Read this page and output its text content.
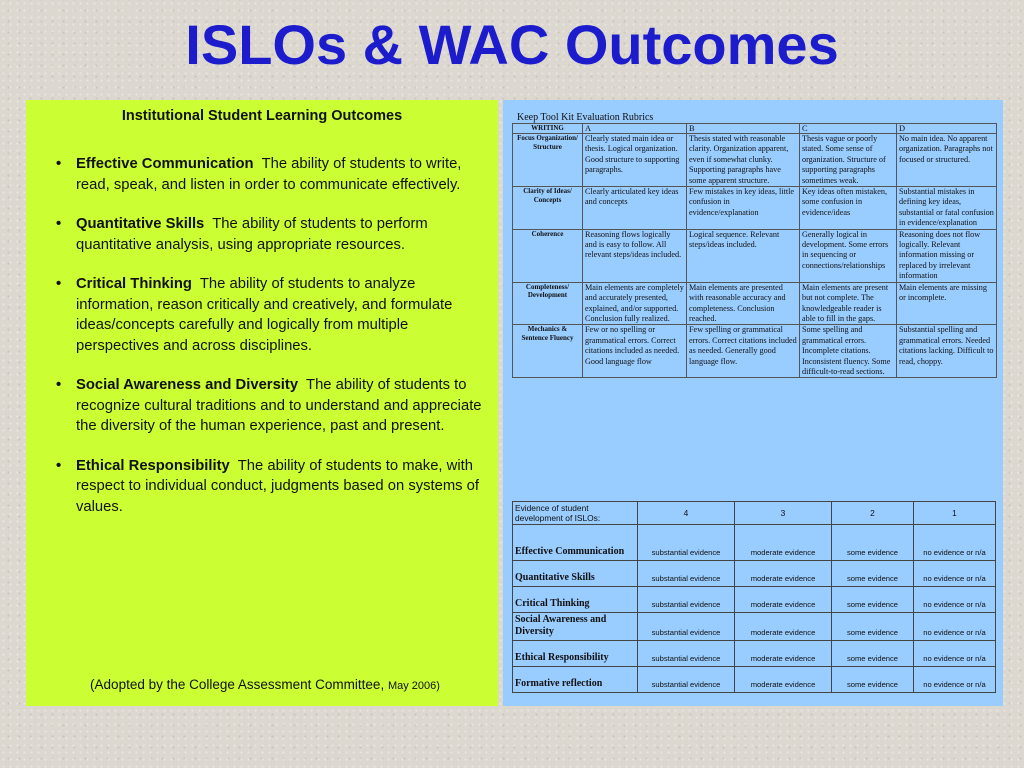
ISLOs & WAC Outcomes
Institutional Student Learning Outcomes
• Effective Communication The ability of students to write, read, speak, and listen in order to communicate effectively.
• Quantitative Skills The ability of students to perform quantitative analysis, using appropriate resources.
• Critical Thinking The ability of students to analyze information, reason critically and creatively, and formulate ideas/concepts carefully and logically from multiple perspectives and across disciplines.
• Social Awareness and Diversity The ability of students to recognize cultural traditions and to understand and appreciate the diversity of the human experience, past and present.
• Ethical Responsibility The ability of students to make, with respect to individual conduct, judgments based on systems of values.
(Adopted by the College Assessment Committee, May 2006)
Keep Tool Kit Evaluation Rubrics
WRITING	A	B	C	D
Focus Organization/ Structure	Clearly stated main idea or thesis. Logical organization. Good structure to supporting paragraphs.	Thesis stated with reasonable clarity. Organization apparent, even if somewhat clunky. Supporting paragraphs have some apparent structure.	Thesis vague or poorly stated. Some sense of organization. Structure of supporting paragraphs sometimes weak.	No main idea. No apparent organization. Paragraphs not focused or structured.
Clarity of Ideas/ Concepts	Clearly articulated key ideas and concepts	Few mistakes in key ideas, little confusion in evidence/explanation	Key ideas often mistaken, some confusion in evidence/ideas	Substantial mistakes in defining key ideas, substantial or fatal confusion in evidence/explanation
Coherence	Reasoning flows logically and is easy to follow. All relevant steps/ideas included.	Logical sequence. Relevant steps/ideas included.	Generally logical in development. Some errors in sequencing or connections/relationships	Reasoning does not flow logically. Relevant information missing or replaced by irrelevant information
Completeness/ Development	Main elements are completely and accurately presented, explained, and/or supported. Conclusion fully realized.	Main elements are presented with reasonable accuracy and completeness. Conclusion reached.	Main elements are present but not complete. The knowledgeable reader is able to fill in the gaps.	Main elements are missing or incomplete.
Mechanics & Sentence Fluency	Few or no spelling or grammatical errors. Correct citations included as needed. Good language flow	Few spelling or grammatical errors. Correct citations included as needed. Generally good language flow.	Some spelling and grammatical errors. Incomplete citations. Inconsistent fluency. Some difficult-to-read sections.	Substantial spelling and grammatical errors. Needed citations lacking. Difficult to read, choppy.
Evidence of student development of ISLOs:	4	3	2	1
Effective Communication	substantial evidence	moderate evidence	some evidence	no evidence or n/a
Quantitative Skills	substantial evidence	moderate evidence	some evidence	no evidence or n/a
Critical Thinking	substantial evidence	moderate evidence	some evidence	no evidence or n/a
Social Awareness and Diversity	substantial evidence	moderate evidence	some evidence	no evidence or n/a
Ethical Responsibility	substantial evidence	moderate evidence	some evidence	no evidence or n/a
Formative reflection	substantial evidence	moderate evidence	some evidence	no evidence or n/a
